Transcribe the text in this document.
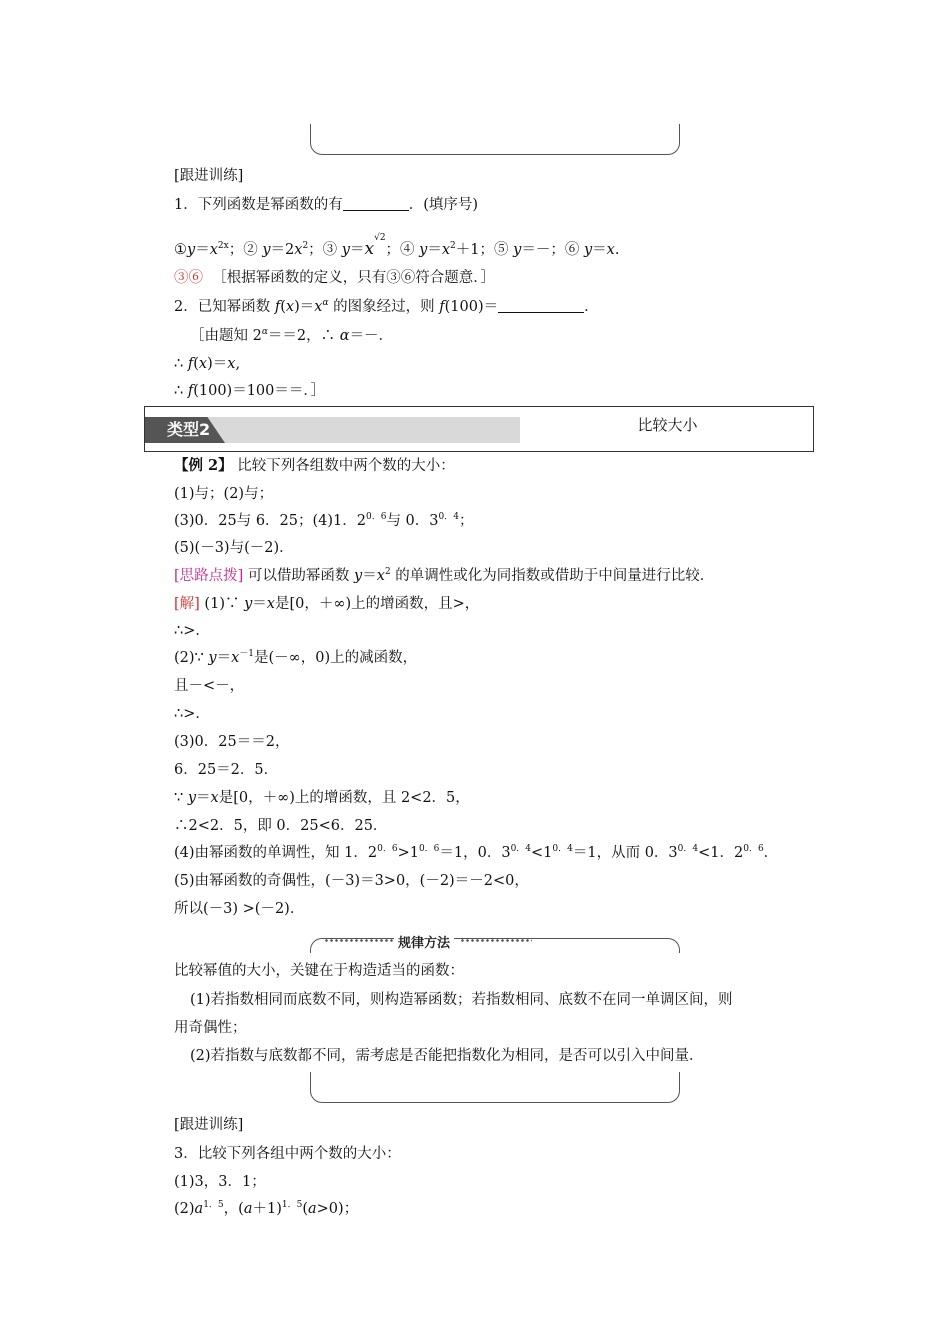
[跟进训练]
1．下列函数是幂函数的有	．(填序号)
$①y=x^{2x}$；② $y=2x^2$；③ $y=x^{√2}$；④ $y=x^2+1$；⑤ y＝－；⑥ y＝x.
③⑥ ［根据幂函数的定义，只有③⑥符合题意．］
2．已知幂函数 $f(x)=x^\alpha$ 的图象经过，则 f(100)＝	．
［由题知 $2^\alpha==2$，∴ α＝－．
∴ f(x)＝x,
∴ f(100)＝100＝＝．］
类型2	比较大小
【例 2】 比较下列各组数中两个数的大小：
(1)与；(2)与；
(3)0．25与 6．25；(4)1．$2^{0.6}$与 0．$3^{0.4}$；
(5)(－3)与(－2)．
[思路点拨] 可以借助幂函数 $y=x^2$ 的单调性或化为同指数或借助于中间量进行比较．
[解] (1)∵ y＝x是[0，＋∞)上的增函数，且>，
∴>．
(2)∵ $y=x^{-1}$是(－∞，0)上的减函数，
且－<－，
∴>．
(3)0．25＝＝2，
6．25＝2．5．
∵ y＝x是[0，＋∞)上的增函数，且 2<2．5，
∴2<2．5，即 0．25<6．25．
(4)由幂函数的单调性，知 1．$2^{0.6}>1^{0.6}=1$，0．$3^{0.4}<1^{0.4}=1$，从而 0．$3^{0.4}<1$．$2^{0.6}$．
(5)由幂函数的奇偶性，(－3)＝3>0，(－2)＝－2<0，
所以(－3) >(－2)．
规律方法
比较幂值的大小，关键在于构造适当的函数：
(1)若指数相同而底数不同，则构造幂函数；若指数相同、底数不在同一单调区间，则
用奇偶性；
(2)若指数与底数都不同，需考虑是否能把指数化为相同，是否可以引入中间量．
[跟进训练]
3．比较下列各组中两个数的大小：
(1)3，3．1；
$(2)a^{1.5}$，$(a+1)^{1.5}(a>0)$；
